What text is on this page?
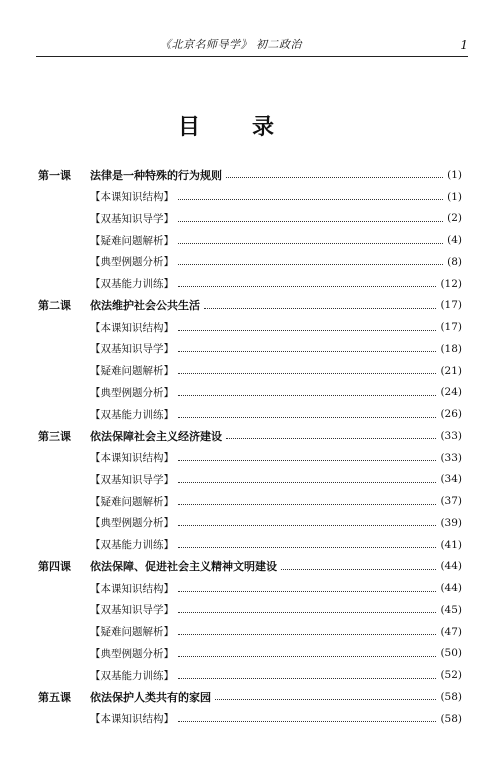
《北京名师导学》 初二政治	1
目录
第一课	法律是一种特殊的行为规则	(1)
【本课知识结构】	(1)
【双基知识导学】	(2)
【疑难问题解析】	(4)
【典型例题分析】	(8)
【双基能力训练】	(12)
第二课	依法维护社会公共生活	(17)
【本课知识结构】	(17)
【双基知识导学】	(18)
【疑难问题解析】	(21)
【典型例题分析】	(24)
【双基能力训练】	(26)
第三课	依法保障社会主义经济建设	(33)
【本课知识结构】	(33)
【双基知识导学】	(34)
【疑难问题解析】	(37)
【典型例题分析】	(39)
【双基能力训练】	(41)
第四课	依法保障、促进社会主义精神文明建设	(44)
【本课知识结构】	(44)
【双基知识导学】	(45)
【疑难问题解析】	(47)
【典型例题分析】	(50)
【双基能力训练】	(52)
第五课	依法保护人类共有的家园	(58)
【本课知识结构】	(58)
